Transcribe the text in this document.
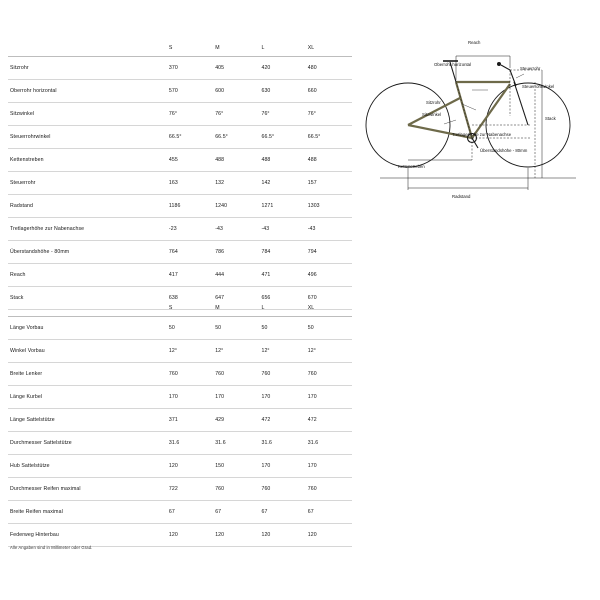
	S	M	L	XL
Sitzrohr	370	405	420	480
Oberrohr horizontal	570	600	630	660
Sitzwinkel	76°	76°	76°	76°
Steuerrohrwinkel	66.5°	66.5°	66.5°	66.5°
Kettenstreben	455	488	488	488
Steuerrohr	163	132	142	157
Radstand	1186	1240	1271	1303
Tretlagerhöhe zur Nabenachse	-23	-43	-43	-43
Überstandshöhe - 80mm	764	786	784	794
Reach	417	444	471	496
Stack	638	647	656	670
	S	M	L	XL
Länge Vorbau	50	50	50	50
Winkel Vorbau	12°	12°	12°	12°
Breite Lenker	760	760	760	760
Länge Kurbel	170	170	170	170
Länge Sattelstütze	371	429	472	472
Durchmesser Sattelstütze	31.6	31.6	31.6	31.6
Hub Sattelstütze	120	150	170	170
Durchmesser Reifen maximal	722	760	760	760
Breite Reifen maximal	67	67	67	67
Federweg Hinterbau	120	120	120	120
Alle Angaben sind in Millimeter oder Grad.
Reach
Oberrohr horizontal
Sitzrohr
Steuerrohr
Sitzwinkel
Stack
Steuerrohrwinkel
Tretlagerhöhe zur Nabenachse
Überstandshöhe - 80mm
Kettenstreben
Radstand
